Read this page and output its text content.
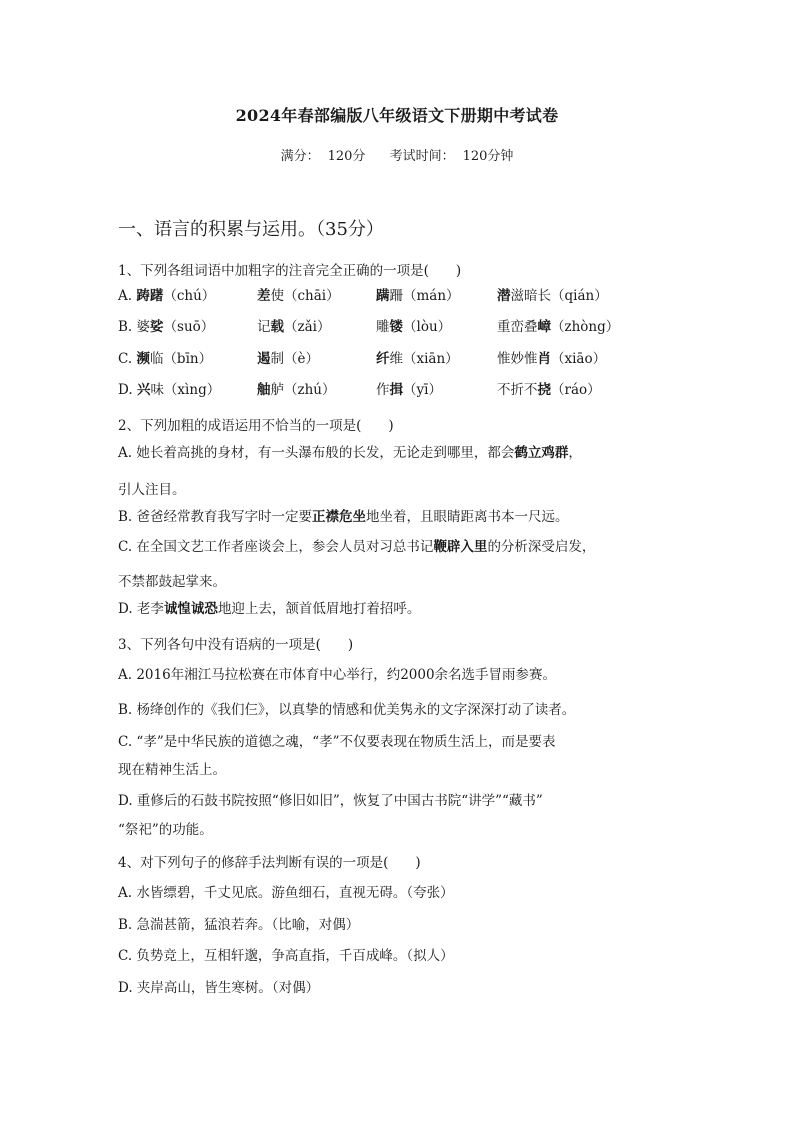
2024年春部编版八年级语文下册期中考试卷
满分： 120分 考试时间： 120分钟
一、语言的积累与运用。（35分）
1、下列各组词语中加粗字的注音完全正确的一项是(　　)
A. 踌躇（chú）	差使（chāi）	蹒跚（mán）	潜滋暗长（qián）
B. 婆娑（suō）	记载（zǎi）	雕镂（lòu）	重峦叠嶂（zhòng）
C. 濒临（bīn）	遏制（è）	纤维（xiān）	惟妙惟肖（xiāo）
D. 兴味（xìng）	舳舻（zhú）	作揖（yī）	不折不挠（ráo）
2、下列加粗的成语运用不恰当的一项是(　　)
A. 她长着高挑的身材，有一头瀑布般的长发，无论走到哪里，都会鹤立鸡群，
引人注目。
B. 爸爸经常教育我写字时一定要正襟危坐地坐着，且眼睛距离书本一尺远。
C. 在全国文艺工作者座谈会上，参会人员对习总书记鞭辟入里的分析深受启发，
不禁都鼓起掌来。
D. 老李诚惶诚恐地迎上去，颔首低眉地打着招呼。
3、下列各句中没有语病的一项是(　　)
A. 2016年湘江马拉松赛在市体育中心举行，约2000余名选手冒雨参赛。
B. 杨绛创作的《我们仨》，以真挚的情感和优美隽永的文字深深打动了读者。
C. “孝”是中华民族的道德之魂，“孝”不仅要表现在物质生活上，而是要表
现在精神生活上。
D. 重修后的石鼓书院按照“修旧如旧”，恢复了中国古书院“讲学”“藏书”
“祭祀”的功能。
4、对下列句子的修辞手法判断有误的一项是(　　)
A. 水皆缥碧，千丈见底。游鱼细石，直视无碍。（夸张）
B. 急湍甚箭，猛浪若奔。（比喻，对偶）
C. 负势竞上，互相轩邈，争高直指，千百成峰。（拟人）
D. 夹岸高山，皆生寒树。（对偶）
